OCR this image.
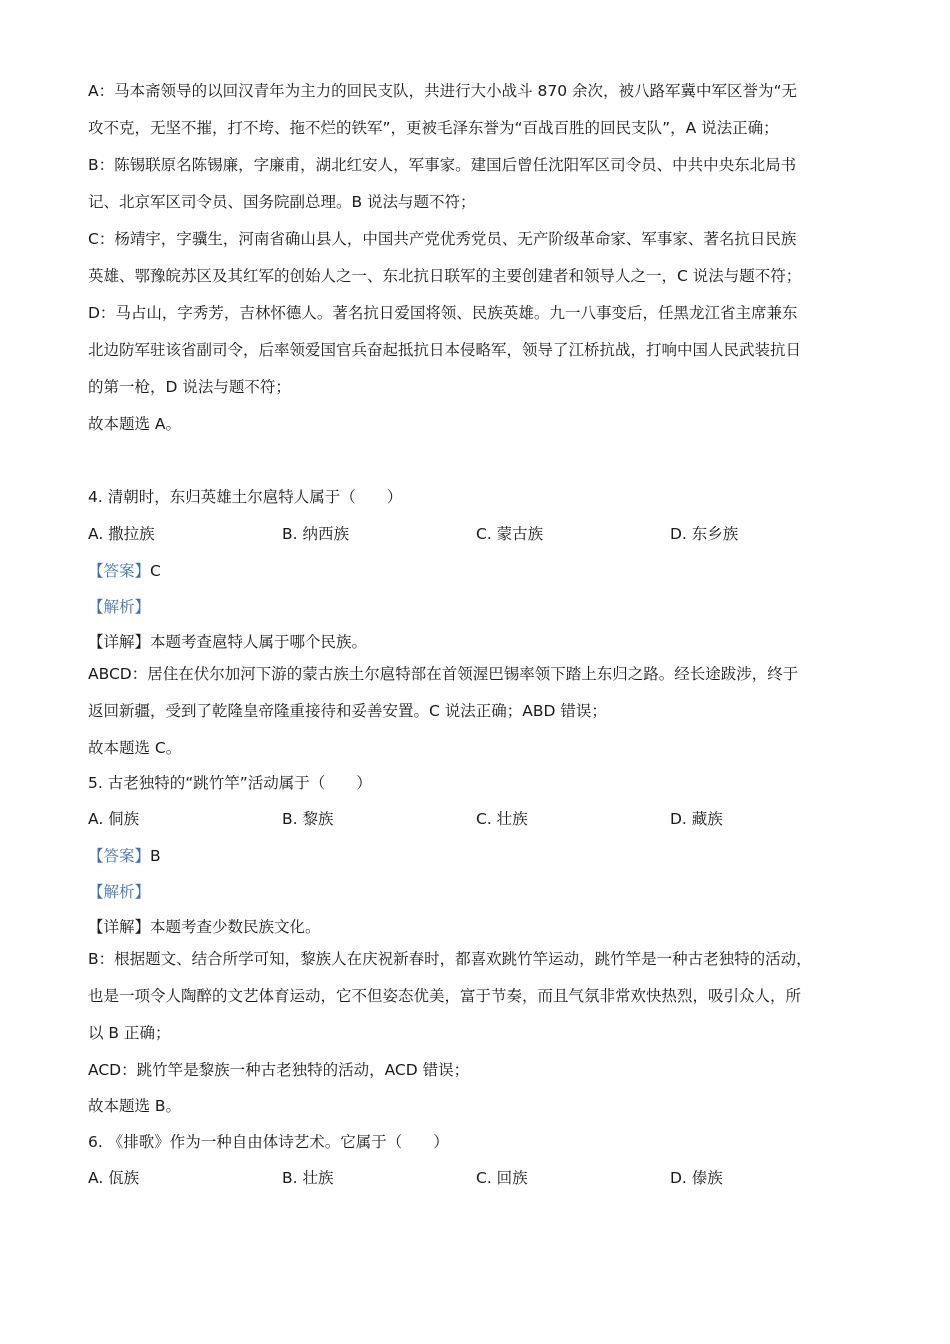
A：马本斋领导的以回汉青年为主力的回民支队，共进行大小战斗 870 余次，被八路军冀中军区誉为“无
攻不克，无坚不摧，打不垮、拖不烂的铁军”，更被毛泽东誉为“百战百胜的回民支队”，A 说法正确；
B：陈锡联原名陈锡廉，字廉甫，湖北红安人，军事家。建国后曾任沈阳军区司令员、中共中央东北局书
记、北京军区司令员、国务院副总理。B 说法与题不符；
C：杨靖宇，字骥生，河南省确山县人，中国共产党优秀党员、无产阶级革命家、军事家、著名抗日民族
英雄、鄂豫皖苏区及其红军的创始人之一、东北抗日联军的主要创建者和领导人之一，C 说法与题不符；
D：马占山，字秀芳，吉林怀德人。著名抗日爱国将领、民族英雄。九一八事变后，任黑龙江省主席兼东
北边防军驻该省副司令，后率领爱国官兵奋起抵抗日本侵略军，领导了江桥抗战，打响中国人民武装抗日
的第一枪，D 说法与题不符；
故本题选 A。
4. 清朝时，东归英雄土尔扈特人属于（　　）
A. 撒拉族	B. 纳西族	C. 蒙古族	D. 东乡族
【答案】C
【解析】
【详解】本题考查扈特人属于哪个民族。
ABCD：居住在伏尔加河下游的蒙古族土尔扈特部在首领渥巴锡率领下踏上东归之路。经长途跋涉，终于
返回新疆，受到了乾隆皇帝隆重接待和妥善安置。C 说法正确；ABD 错误；
故本题选 C。
5. 古老独特的“跳竹竿”活动属于（　　）
A. 侗族	B. 黎族	C. 壮族	D. 藏族
【答案】B
【解析】
【详解】本题考查少数民族文化。
B：根据题文、结合所学可知，黎族人在庆祝新春时，都喜欢跳竹竿运动，跳竹竿是一种古老独特的活动，
也是一项令人陶醉的文艺体育运动，它不但姿态优美，富于节奏，而且气氛非常欢快热烈，吸引众人，所
以 B 正确；
ACD：跳竹竿是黎族一种古老独特的活动，ACD 错误；
故本题选 B。
6. 《排歌》作为一种自由体诗艺术。它属于（　　）
A. 佤族	B. 壮族	C. 回族	D. 傣族
